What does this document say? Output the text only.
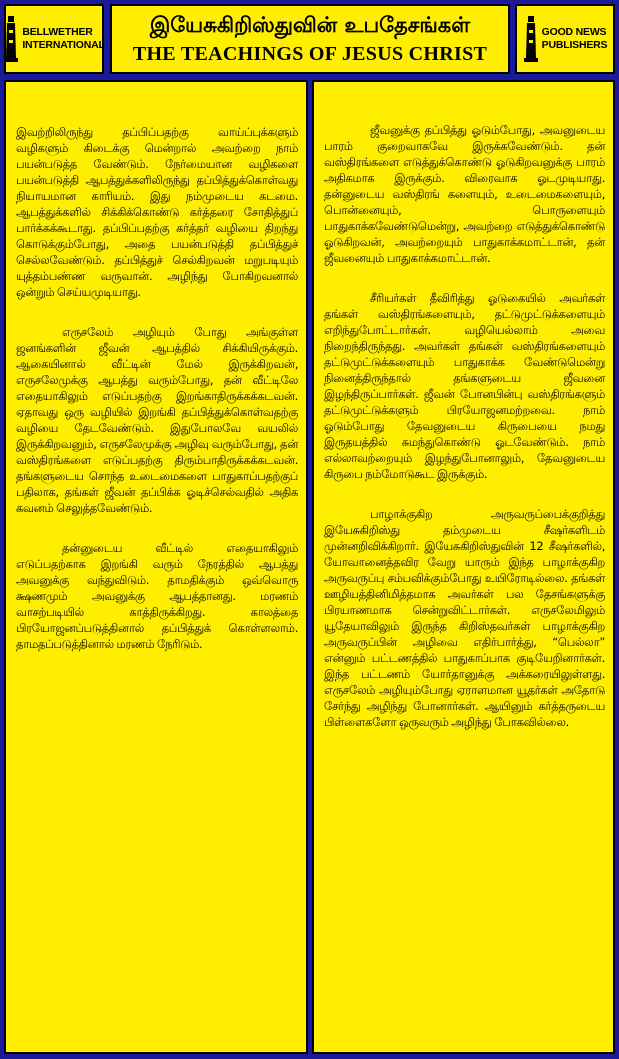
BELLWETHER
INTERNATIONAL
இயேசுகிறிஸ்துவின் உபதேசங்கள்
THE TEACHINGS OF JESUS CHRIST
GOOD NEWS
PUBLISHERS

இவற்றிலிருந்து தப்பிப்பதற்கு வாய்ப்புக்களும் வழிகளும் கிடைக்கு மென்றால் அவற்றை நாம் பயன்படுத்த வேண்டும். நேர்மையான வழிகளை பயன்படுத்தி ஆபத்துக்களிலிருந்து தப்பித்துக்கொள்வது நியாயமான காரியம். இது நம்முடைய கடமை. ஆபத்துக்களில் சிக்கிக்கொண்டு கர்த்தரை சோதித்துப் பார்க்கக்கூடாது. தப்பிப்பதற்கு கர்த்தர் வழியை திறந்து கொடுக்கும்போது, அதை பயன்படுத்தி தப்பித்துச் செல்லவேண்டும். தப்பித்துச் செல்கிறவன் மறுபடியும் யுத்தம்பண்ண வருவான். அழிந்து போகிறவனால் ஒன்றும் செய்யமுடியாது.

எருசலேம் அழியும் போது அங்குள்ள ஜனங்களின் ஜீவன் ஆபத்தில் சிக்கியிருக்கும். ஆகையினால் வீட்டின் மேல் இருக்கிறவன், எருசலேமுக்கு ஆபத்து வரும்போது, தன் வீட்டிலே எதையாகிலும் எடுப்பதற்கு இறங்காதிருக்கக்கடவன். ஏதாவது ஒரு வழியில் இறங்கி தப்பித்துக்கொள்வதற்கு வழியை தேடவேண்டும். இதுபோலவே வயலில் இருக்கிறவனும், எருசலேமுக்கு அழிவு வரும்போது, தன் வஸ்திரங்களை எடுப்பதற்கு திரும்பாதிருக்கக்கடவன். தங்களுடைய சொந்த உடைமைகளை பாதுகாப்பதற்குப் பதிலாக, தங்கள் ஜீவன் தப்பிக்க ஓடிச்செல்வதில் அதிக கவனம் செலுத்தவேண்டும்.

தன்னுடைய வீட்டில் எதையாகிலும் எடுப்பதற்காக இறங்கி வரும் நேரத்தில் ஆபத்து அவனுக்கு வந்துவிடும். தாமதிக்கும் ஒவ்வொரு க்ஷணமும் அவனுக்கு ஆபத்தானது. மரணம் வாசற்படியில் காத்திருக்கிறது. காலத்தை பிரயோஜனப்படுத்தினால் தப்பித்துக் கொள்ளலாம். தாமதப்படுத்தினால் மரணம் நேரிடும்.

ஜீவனுக்கு தப்பித்து ஓடும்போது, அவனுடைய பாரம் குறைவாகவே இருக்கவேண்டும். தன் வஸ்திரங்களை எடுத்துக்கொண்டு ஓடுகிறவனுக்கு பாரம் அதிகமாக இருக்கும். விரைவாக ஓடமுடியாது. தன்னுடைய வஸ்திரங் களையும், உடைமைகளையும், பொன்னையும், பொருளையும் பாதுகாக்கவேண்டுமென்று, அவற்றை எடுத்துக்கொண்டு ஓடுகிறவன், அவற்றையும் பாதுகாக்கமாட்டான், தன் ஜீவனையும் பாதுகாக்கமாட்டான்.

சீரியர்கள் தீவிரித்து ஓடுகையில் அவர்கள் தங்கள் வஸ்திரங்களையும், தட்டுமுட்டுக்களையும் எறிந்துபோட்டார்கள். வழியெல்லாம் அவை நிறைந்திருந்தது. அவர்கள் தங்கள் வஸ்திரங்களையும் தட்டுமுட்டுக்களையும் பாதுகாக்க வேண்டுமென்று நினைத்திருந்தால் தங்களுடைய ஜீவனை இழந்திருப்பார்கள். ஜீவன் போனபின்பு வஸ்திரங்களும் தட்டுமுட்டுக்களும் பிரயோஜனமற்றவை. நாம் ஓடும்போது தேவனுடைய கிருபையை நமது இருதயத்தில் சுமந்துகொண்டு ஓடவேண்டும். நாம் எல்லாவற்றையும் இழந்துபோனாலும், தேவனுடைய கிருபை நம்மோடுகூட இருக்கும்.

பாழாக்குகிற அருவருப்பைக்குறித்து இயேசுகிறிஸ்து தம்முடைய சீஷர்களிடம் முன்னறிவிக்கிறார். இயேசுகிறிஸ்துவின் 12 சீஷர்களில், யோவானைத்தவிர வேறு யாரும் இந்த பாழாக்குகிற அருவருப்பு சம்பவிக்கும்போது உயிரோடில்லை. தங்கள் ஊழியத்தினிமித்தமாக அவர்கள் பல தேசங்களுக்கு பிரயாணமாக சென்றுவிட்டார்கள். எருசலேமிலும் யூதேயாவிலும் இருந்த கிறிஸ்தவர்கள் பாழாக்குகிற அருவருப்பின் அழிவை எதிர்பார்த்து, “பெல்லா” என்னும் பட்டணத்தில் பாதுகாப்பாக குடியேறினார்கள். இந்த பட்டணம் யோர்தானுக்கு அக்கரையிலுள்ளது. எருசலேம் அழியும்போது ஏராளமான யூதர்கள் அதோடு சேர்ந்து அழிந்து போனார்கள். ஆயினும் கர்த்தருடைய பிள்ளைகளோ ஒருவரும் அழிந்து போகவில்லை.
